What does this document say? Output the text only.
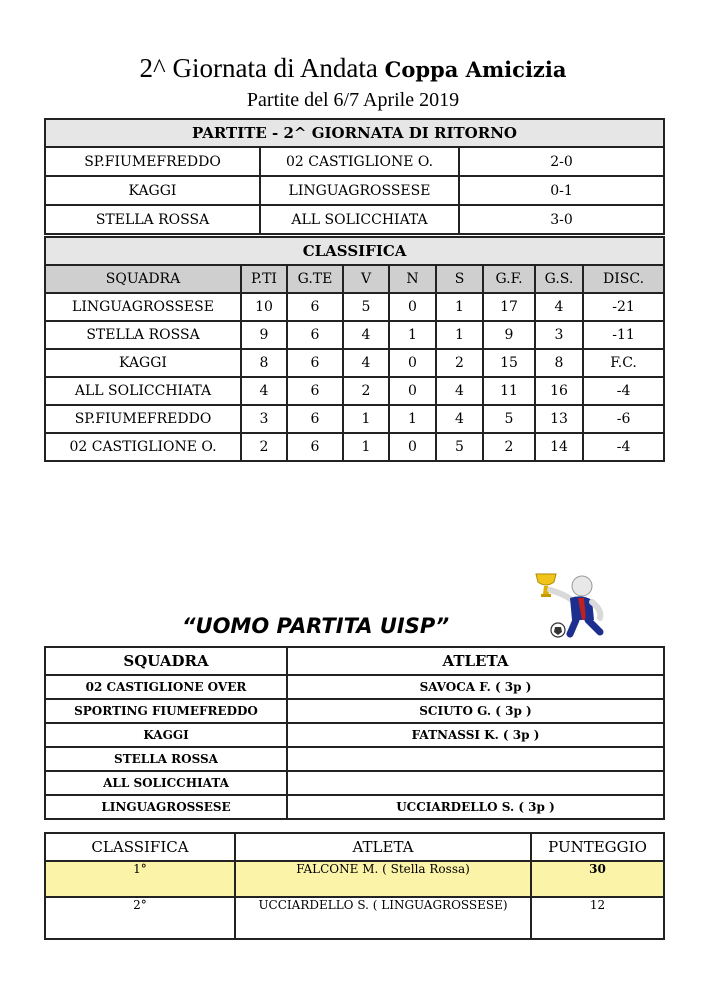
2^ Giornata di Andata Coppa Amicizia
Partite del 6/7 Aprile 2019
PARTITE - 2^ GIORNATA DI RITORNO		
SP.FIUMEFREDDO	02 CASTIGLIONE O.	2-0
KAGGI	LINGUAGROSSESE	0-1
STELLA ROSSA	ALL SOLICCHIATA	3-0
CLASSIFICA								
SQUADRA	P.TI	G.TE	V	N	S	G.F.	G.S.	DISC.
LINGUAGROSSESE	10	6	5	0	1	17	4	-21
STELLA ROSSA	9	6	4	1	1	9	3	-11
KAGGI	8	6	4	0	2	15	8	F.C.
ALL SOLICCHIATA	4	6	2	0	4	11	16	-4
SP.FIUMEFREDDO	3	6	1	1	4	5	13	-6
02 CASTIGLIONE O.	2	6	1	0	5	2	14	-4
“UOMO PARTITA UISP”
SQUADRA	ATLETA
02 CASTIGLIONE OVER	SAVOCA F. ( 3p )
SPORTING FIUMEFREDDO	SCIUTO G. ( 3p )
KAGGI	FATNASSI K. ( 3p )
STELLA ROSSA	
ALL SOLICCHIATA	
LINGUAGROSSESE	UCCIARDELLO S. ( 3p )
CLASSIFICA	ATLETA	PUNTEGGIO
1°	FALCONE M. ( Stella Rossa)	30
2°	UCCIARDELLO S. ( LINGUAGROSSESE)	12
